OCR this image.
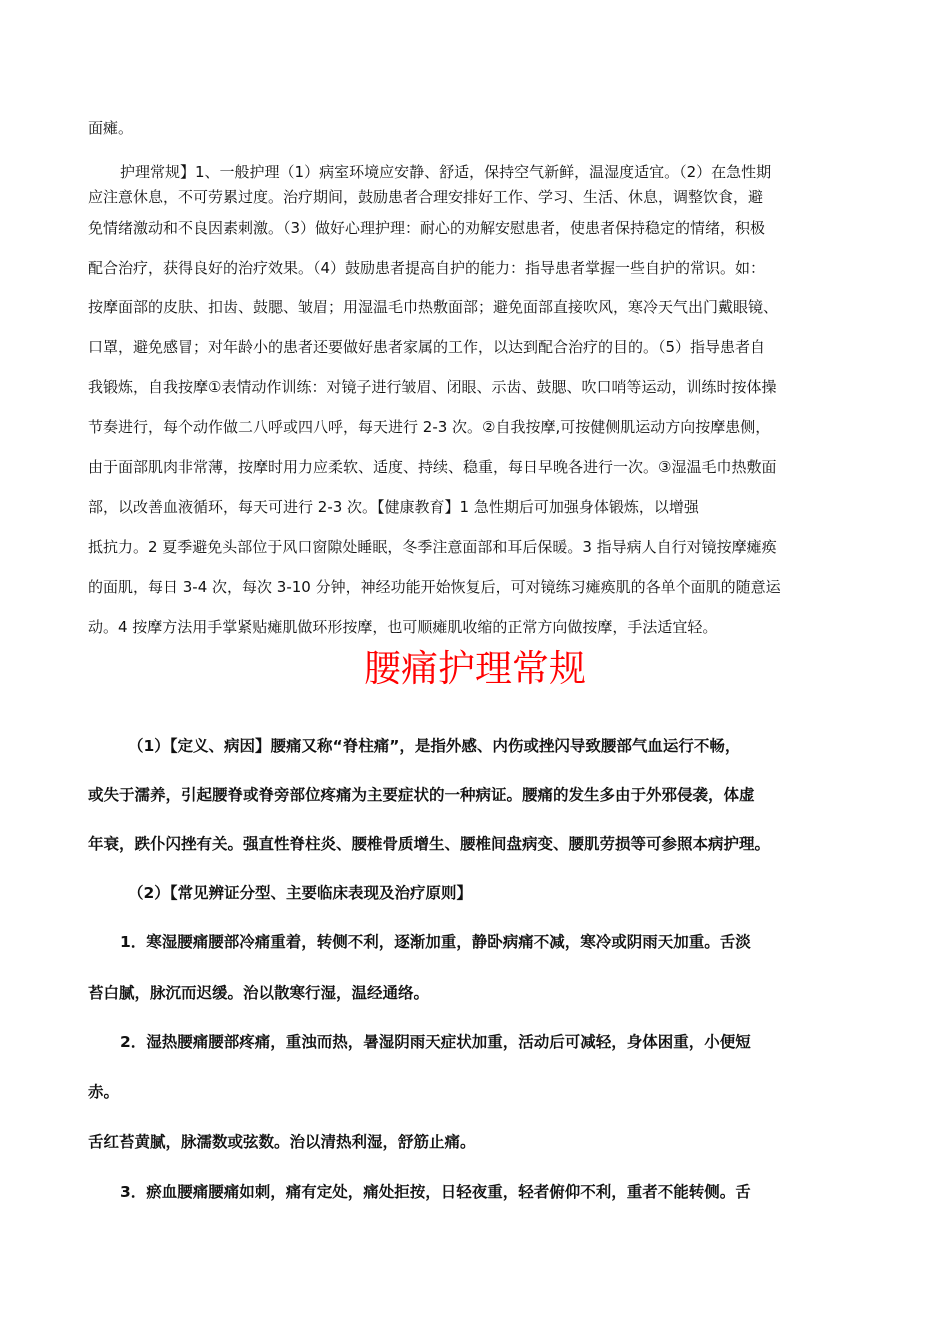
面瘫。
护理常规】1、一般护理（1）病室环境应安静、舒适，保持空气新鲜，温湿度适宜。（2）在急性期
应注意休息，不可劳累过度。治疗期间，鼓励患者合理安排好工作、学习、生活、休息，调整饮食，避
免情绪激动和不良因素刺激。（3）做好心理护理：耐心的劝解安慰患者，使患者保持稳定的情绪，积极
配合治疗，获得良好的治疗效果。（4）鼓励患者提高自护的能力：指导患者掌握一些自护的常识。如：
按摩面部的皮肤、扣齿、鼓腮、皱眉；用湿温毛巾热敷面部；避免面部直接吹风，寒冷天气出门戴眼镜、
口罩，避免感冒；对年龄小的患者还要做好患者家属的工作，以达到配合治疗的目的。（5）指导患者自
我锻炼，自我按摩①表情动作训练：对镜子进行皱眉、闭眼、示齿、鼓腮、吹口哨等运动，训练时按体操
节奏进行，每个动作做二八呼或四八呼，每天进行 2-3 次。②自我按摩,可按健侧肌运动方向按摩患侧，
由于面部肌肉非常薄，按摩时用力应柔软、适度、持续、稳重，每日早晚各进行一次。③湿温毛巾热敷面
部，以改善血液循环，每天可进行 2-3 次。【健康教育】1 急性期后可加强身体锻炼，以增强
抵抗力。2 夏季避免头部位于风口窗隙处睡眠，冬季注意面部和耳后保暖。3 指导病人自行对镜按摩瘫痪
的面肌，每日 3-4 次，每次 3-10 分钟，神经功能开始恢复后，可对镜练习瘫痪肌的各单个面肌的随意运
动。4 按摩方法用手掌紧贴瘫肌做环形按摩，也可顺瘫肌收缩的正常方向做按摩，手法适宜轻。
腰痛护理常规
（1）【定义、病因】腰痛又称“脊柱痛”，是指外感、内伤或挫闪导致腰部气血运行不畅，
或失于濡养，引起腰脊或脊旁部位疼痛为主要症状的一种病证。腰痛的发生多由于外邪侵袭，体虚
年衰，跌仆闪挫有关。强直性脊柱炎、腰椎骨质增生、腰椎间盘病变、腰肌劳损等可参照本病护理。
（2）【常见辨证分型、主要临床表现及治疗原则】
1．寒湿腰痛腰部冷痛重着，转侧不利，逐渐加重，静卧病痛不减，寒冷或阴雨天加重。舌淡
苔白腻，脉沉而迟缓。治以散寒行湿，温经通络。
2．湿热腰痛腰部疼痛，重浊而热，暑湿阴雨天症状加重，活动后可减轻，身体困重，小便短
赤。
舌红苔黄腻，脉濡数或弦数。治以清热利湿，舒筋止痛。
3．瘀血腰痛腰痛如刺，痛有定处，痛处拒按，日轻夜重，轻者俯仰不利，重者不能转侧。舌
